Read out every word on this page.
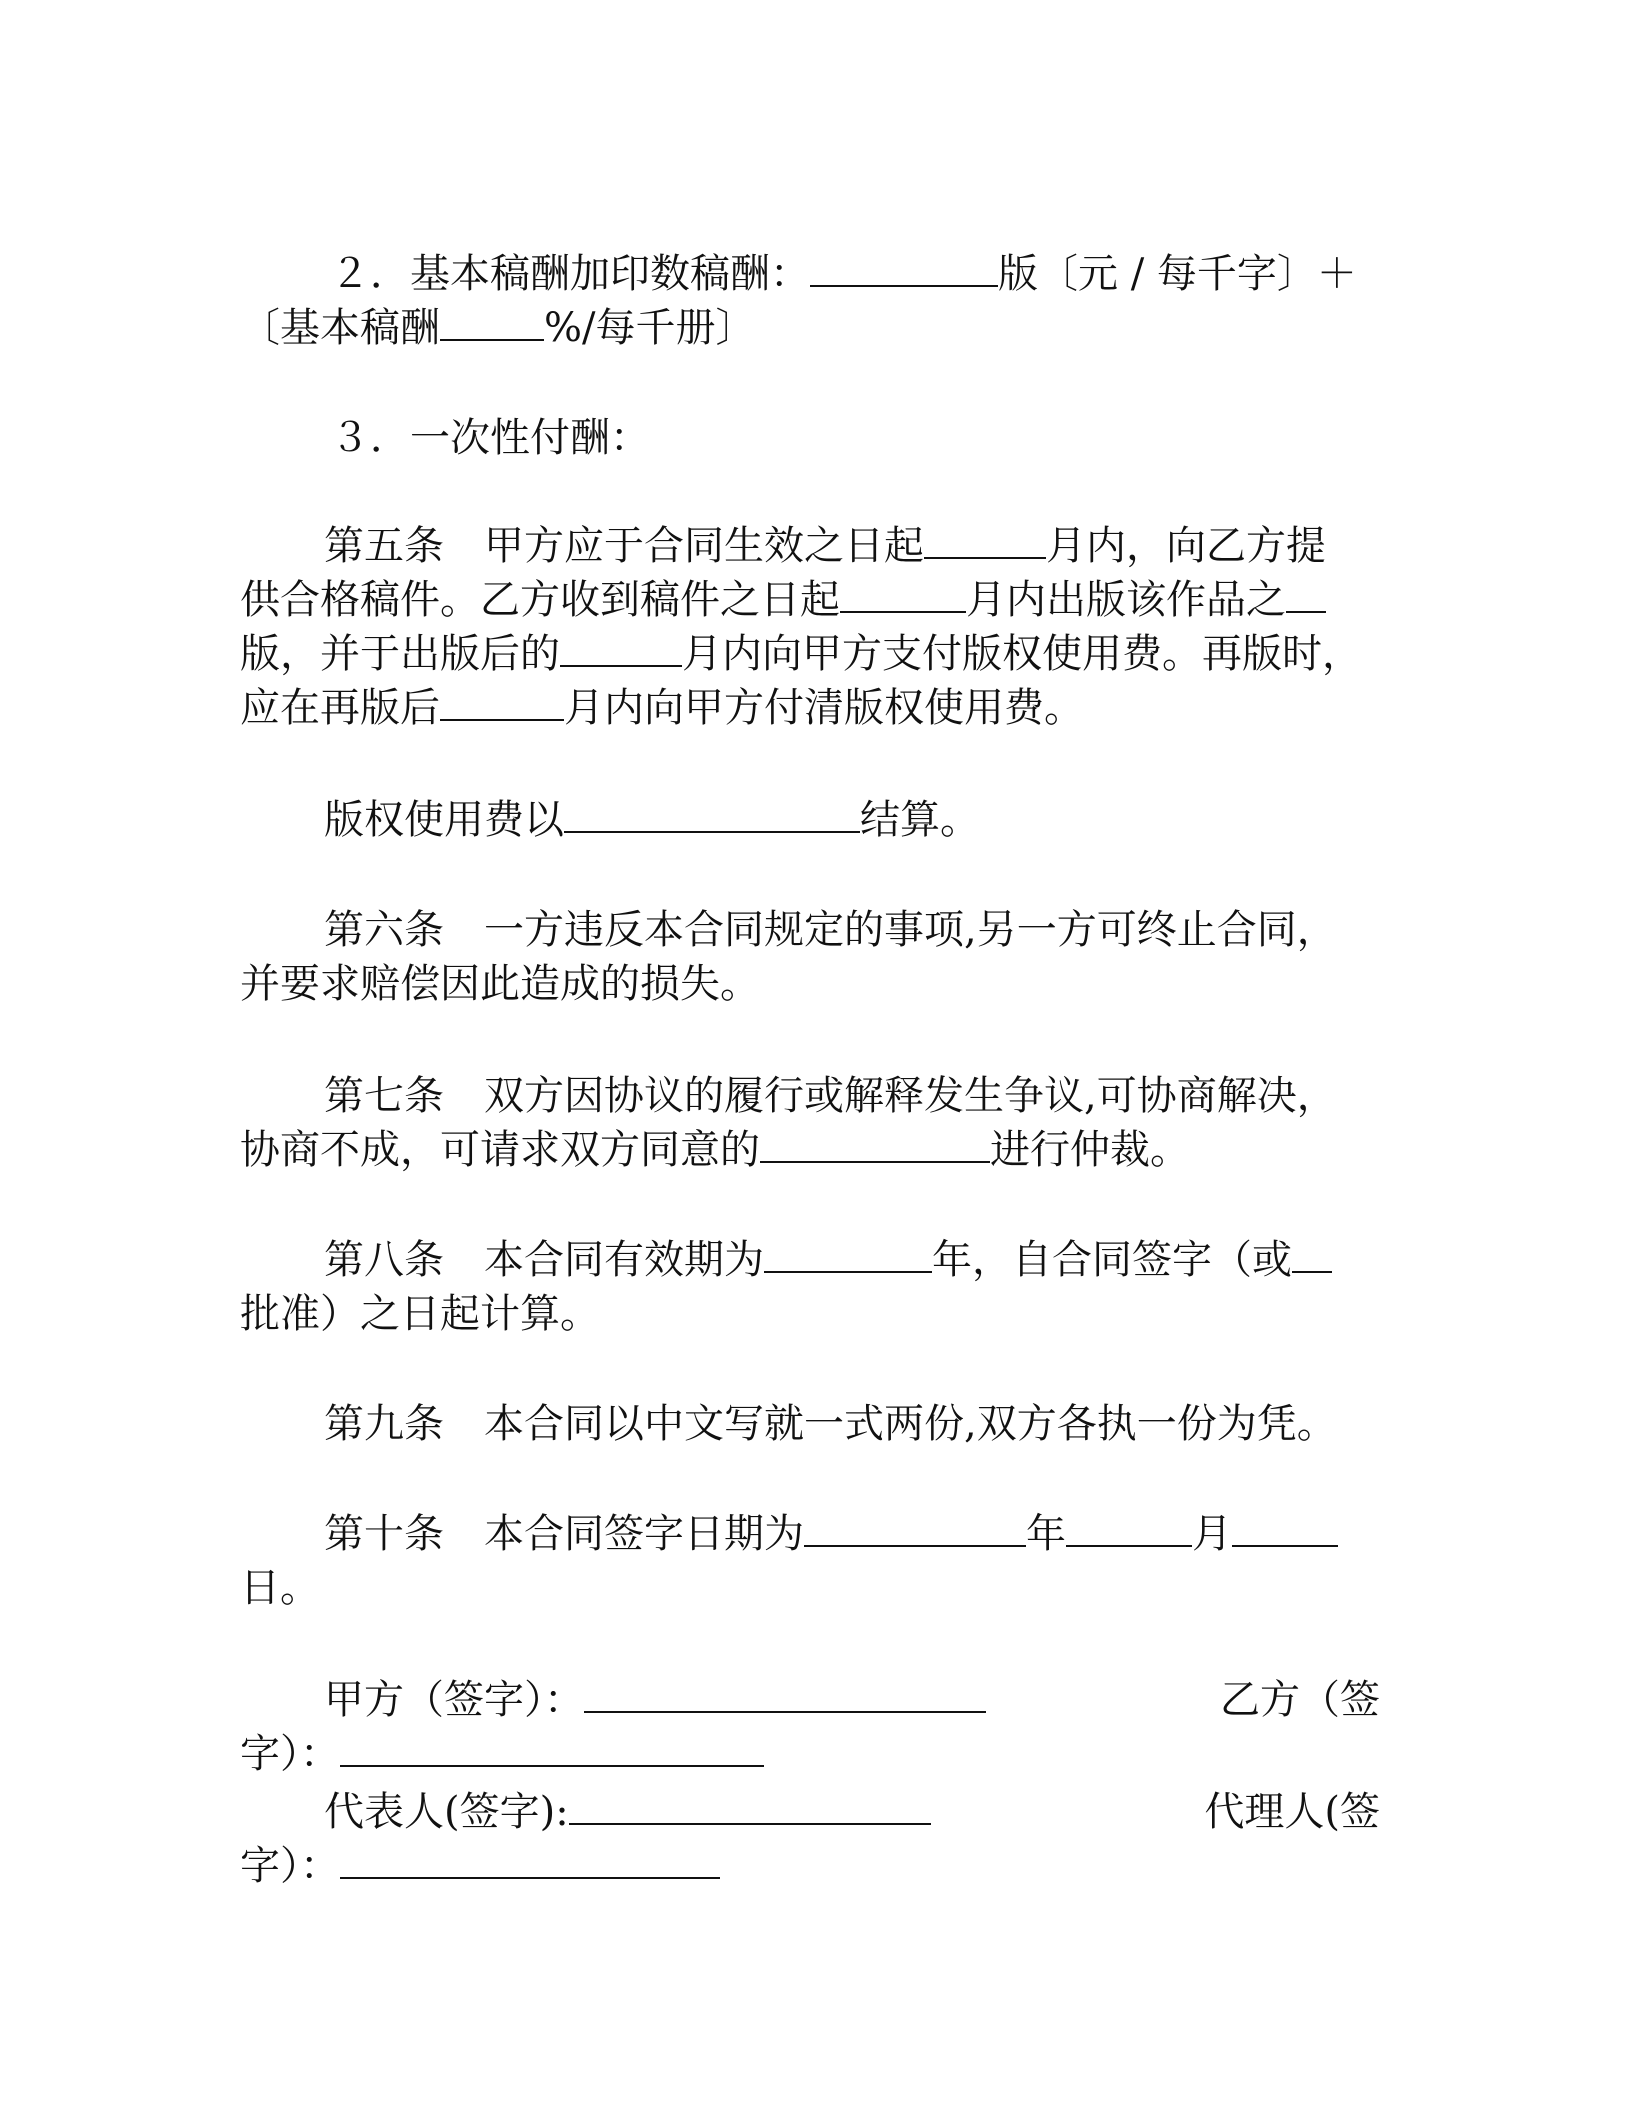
２．基本稿酬加印数稿酬：	版〔元 / 每千字〕＋
〔基本稿酬	%/每千册〕
３．一次性付酬：
第五条　甲方应于合同生效之日起	月内，向乙方提
供合格稿件。乙方收到稿件之日起	月内出版该作品之
版，并于出版后的	月内向甲方支付版权使用费。再版时，
应在再版后	月内向甲方付清版权使用费。
版权使用费以	结算。
第六条　一方违反本合同规定的事项,另一方可终止合同，
并要求赔偿因此造成的损失。
第七条　双方因协议的履行或解释发生争议,可协商解决，
协商不成，可请求双方同意的	进行仲裁。
第八条　本合同有效期为	年，自合同签字（或
批准）之日起计算。
第九条　本合同以中文写就一式两份,双方各执一份为凭。
第十条　本合同签字日期为	年	月
日。
甲方（签字）：	乙方（签
字）：
代表人(签字):	代理人(签
字）：
